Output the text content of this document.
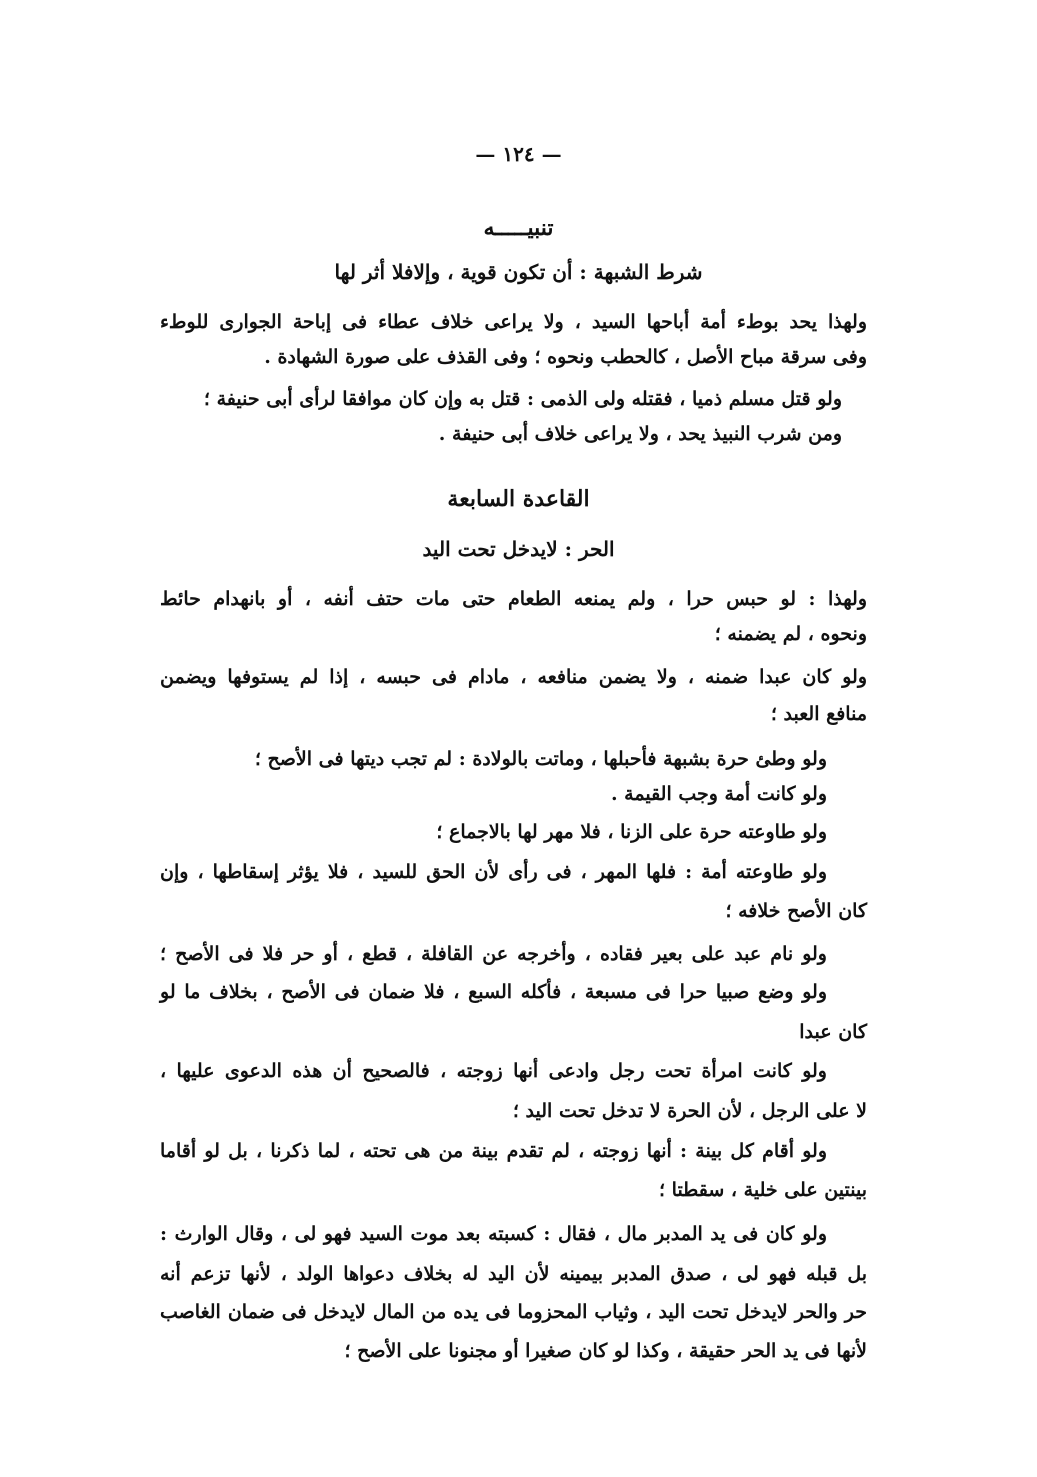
— ١٢٤ —
تنبيـــــه
شرط الشبهة : أن تكون قوية ، وإلافلا أثر لها
ولهذا يحد بوطء أمة أباحها السيد ، ولا يراعى خلاف عطاء فى إباحة الجوارى للوطء
وفى سرقة مباح الأصل ، كالحطب ونحوه ؛ وفى القذف على صورة الشهادة .
ولو قتل مسلم ذميا ، فقتله ولى الذمى : قتل به وإن كان موافقا لرأى أبى حنيفة ؛
ومن شرب النبيذ يحد ، ولا يراعى خلاف أبى حنيفة .
القاعدة السابعة
الحر : لايدخل تحت اليد
ولهذا : لو حبس حرا ، ولم يمنعه الطعام حتى مات حتف أنفه ، أو بانهدام حائط
ونحوه ، لم يضمنه ؛
ولو كان عبدا ضمنه ، ولا يضمن منافعه ، مادام فى حبسه ، إذا لم يستوفها ويضمن
منافع العبد ؛
ولو وطئ حرة بشبهة فأحبلها ، وماتت بالولادة : لم تجب ديتها فى الأصح ؛
ولو كانت أمة وجب القيمة .
ولو طاوعته حرة على الزنا ، فلا مهر لها بالاجماع ؛
ولو طاوعته أمة : فلها المهر ، فى رأى لأن الحق للسيد ، فلا يؤثر إسقاطها ، وإن
كان الأصح خلافه ؛
ولو نام عبد على بعير فقاده ، وأخرجه عن القافلة ، قطع ، أو حر فلا فى الأصح ؛
ولو وضع صبيا حرا فى مسبعة ، فأكله السبع ، فلا ضمان فى الأصح ، بخلاف ما لو
كان عبدا
ولو كانت امرأة تحت رجل وادعى أنها زوجته ، فالصحيح أن هذه الدعوى عليها ،
لا على الرجل ، لأن الحرة لا تدخل تحت اليد ؛
ولو أقام كل بينة : أنها زوجته ، لم تقدم بينة من هى تحته ، لما ذكرنا ، بل لو أقاما
بينتين على خلية ، سقطتا ؛
ولو كان فى يد المدبر مال ، فقال : كسبته بعد موت السيد فهو لى ، وقال الوارث :
بل قبله فهو لى ، صدق المدبر بيمينه لأن اليد له بخلاف دعواها الولد ، لأنها تزعم أنه
حر والحر لايدخل تحت اليد ، وثياب المحزوما فى يده من المال لايدخل فى ضمان الغاصب
لأنها فى يد الحر حقيقة ، وكذا لو كان صغيرا أو مجنونا على الأصح ؛
